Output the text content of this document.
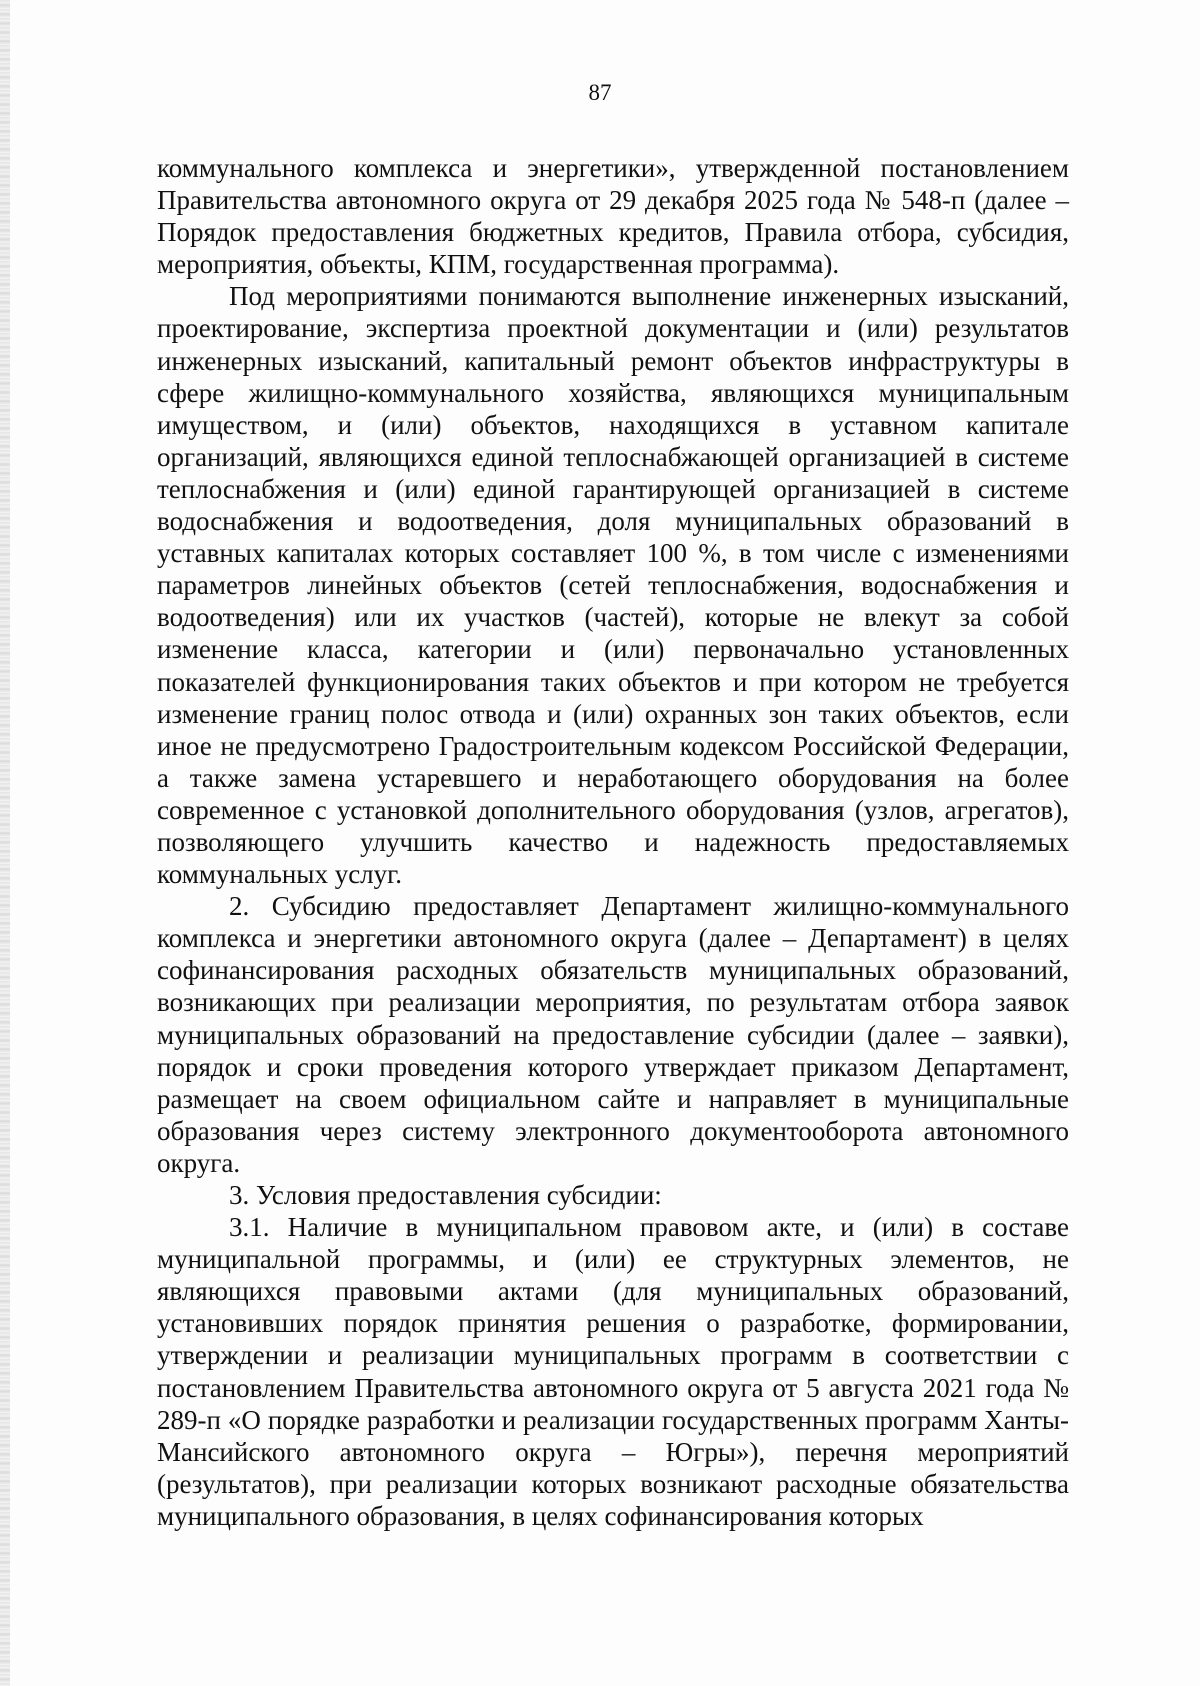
87

коммунального комплекса и энергетики», утвержденной постановлением Правительства автономного округа от 29 декабря 2025 года № 548-п (далее – Порядок предоставления бюджетных кредитов, Правила отбора, субсидия, мероприятия, объекты, КПМ, государственная программа).

Под мероприятиями понимаются выполнение инженерных изысканий, проектирование, экспертиза проектной документации и (или) результатов инженерных изысканий, капитальный ремонт объектов инфраструктуры в сфере жилищно-коммунального хозяйства, являющихся муниципальным имуществом, и (или) объектов, находящихся в уставном капитале организаций, являющихся единой теплоснабжающей организацией в системе теплоснабжения и (или) единой гарантирующей организацией в системе водоснабжения и водоотведения, доля муниципальных образований в уставных капиталах которых составляет 100 %, в том числе с изменениями параметров линейных объектов (сетей теплоснабжения, водоснабжения и водоотведения) или их участков (частей), которые не влекут за собой изменение класса, категории и (или) первоначально установленных показателей функционирования таких объектов и при котором не требуется изменение границ полос отвода и (или) охранных зон таких объектов, если иное не предусмотрено Градостроительным кодексом Российской Федерации, а также замена устаревшего и неработающего оборудования на более современное с установкой дополнительного оборудования (узлов, агрегатов), позволяющего улучшить качество и надежность предоставляемых коммунальных услуг.

2. Субсидию предоставляет Департамент жилищно-коммунального комплекса и энергетики автономного округа (далее – Департамент) в целях софинансирования расходных обязательств муниципальных образований, возникающих при реализации мероприятия, по результатам отбора заявок муниципальных образований на предоставление субсидии (далее – заявки), порядок и сроки проведения которого утверждает приказом Департамент, размещает на своем официальном сайте и направляет в муниципальные образования через систему электронного документооборота автономного округа.

3. Условия предоставления субсидии:

3.1. Наличие в муниципальном правовом акте, и (или) в составе муниципальной программы, и (или) ее структурных элементов, не являющихся правовыми актами (для муниципальных образований, установивших порядок принятия решения о разработке, формировании, утверждении и реализации муниципальных программ в соответствии с постановлением Правительства автономного округа от 5 августа 2021 года № 289-п «О порядке разработки и реализации государственных программ Ханты-Мансийского автономного округа – Югры»), перечня мероприятий (результатов), при реализации которых возникают расходные обязательства муниципального образования, в целях софинансирования которых
